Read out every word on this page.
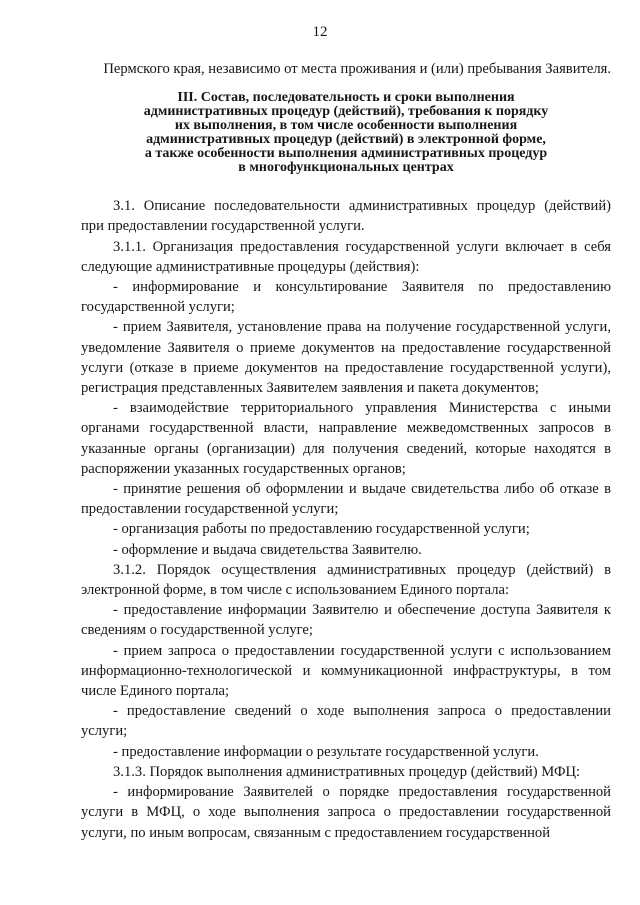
12

Пермского края, независимо от места проживания и (или) пребывания Заявителя.

III. Состав, последовательность и сроки выполнения
административных процедур (действий), требования к порядку
их выполнения, в том числе особенности выполнения
административных процедур (действий) в электронной форме,
а также особенности выполнения административных процедур
в многофункциональных центрах

3.1. Описание последовательности административных процедур (действий) при предоставлении государственной услуги.

3.1.1. Организация предоставления государственной услуги включает в себя следующие административные процедуры (действия):

- информирование и консультирование Заявителя по предоставлению государственной услуги;

- прием Заявителя, установление права на получение государственной услуги, уведомление Заявителя о приеме документов на предоставление государственной услуги (отказе в приеме документов на предоставление государственной услуги), регистрация представленных Заявителем заявления и пакета документов;

- взаимодействие территориального управления Министерства с иными органами государственной власти, направление межведомственных запросов в указанные органы (организации) для получения сведений, которые находятся в распоряжении указанных государственных органов;

- принятие решения об оформлении и выдаче свидетельства либо об отказе в предоставлении государственной услуги;

- организация работы по предоставлению государственной услуги;

- оформление и выдача свидетельства Заявителю.

3.1.2. Порядок осуществления административных процедур (действий) в электронной форме, в том числе с использованием Единого портала:

- предоставление информации Заявителю и обеспечение доступа Заявителя к сведениям о государственной услуге;

- прием запроса о предоставлении государственной услуги с использованием информационно-технологической и коммуникационной инфраструктуры, в том числе Единого портала;

- предоставление сведений о ходе выполнения запроса о предоставлении услуги;

- предоставление информации о результате государственной услуги.

3.1.3. Порядок выполнения административных процедур (действий) МФЦ:

- информирование Заявителей о порядке предоставления государственной услуги в МФЦ, о ходе выполнения запроса о предоставлении государственной услуги, по иным вопросам, связанным с предоставлением государственной
